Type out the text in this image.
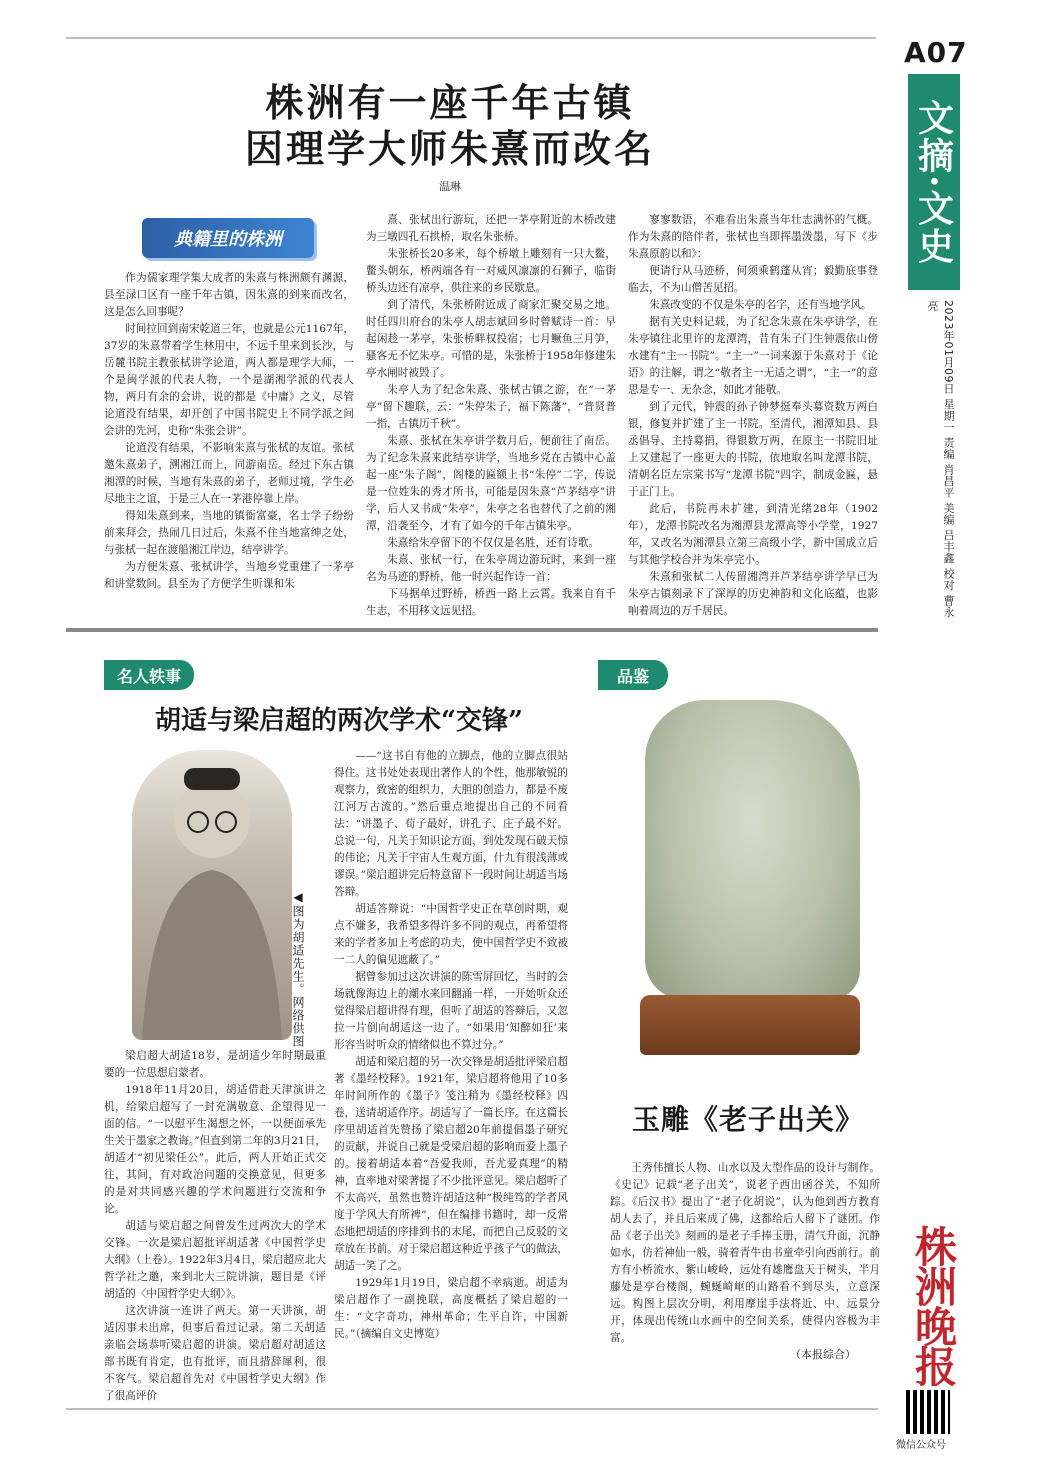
A07
文摘·文史
2023年01月09日 星期一 责编 肖昌平 美编 吕丰鑫 校对 曹永亮
株洲有一座千年古镇
因理学大师朱熹而改名
温琳
典籍里的株洲

作为儒家理学集大成者的朱熹与株洲颇有渊源，县至渌口区有一座千年古镇，因朱熹的到来而改名，这是怎么回事呢？

时间拉回到南宋乾道三年，也就是公元1167年，37岁的朱熹带着学生林用中，不远千里来到长沙，与岳麓书院主教张栻讲学论道，两人都是理学大师，一个是闽学派的代表人物，一个是湖湘学派的代表人物，两月有余的会讲，说的都是《中庸》之义，尽管论道没有结果，却开创了中国书院史上不同学派之间会讲的先河，史称“朱张会讲”。

论道没有结果，不影响朱熹与张栻的友谊。张栻邀朱熹弟子，溯湘江而上，同游南岳。经过下东古镇湘潭的时候，当地有朱熹的弟子，老师过境，学生必尽地主之谊，于是三人在一茅港停靠上岸。

得知朱熹到来，当地的镇衙富豪，名士学子纷纷前来拜会，热闹几日过后，朱熹不住当地富绅之处，与张栻一起在渡船湘江岸边，结亭讲学。

为方便朱熹、张栻讲学，当地乡党重建了一茅亭和讲堂数间。县至为了方便学生听课和朱

熹、张栻出行游玩，还把一茅亭附近的木桥改建为三墩四孔石拱桥，取名朱张桥。

朱张桥长20多米，每个桥墩上雕刻有一只大鳖，鳖头朝东，桥两端各有一对威风凛凛的石狮子，临街桥头边还有凉亭，供往来的乡民歇息。

到了清代，朱张桥附近成了商家汇聚交易之地。时任四川府台的朱亭人胡志斌回乡时曾赋诗一首：早起闲趁一茅亭，朱张桥畔权投宿；七月鳜鱼三月笋，骚客无不忆朱亭。可惜的是，朱张桥于1958年修建朱亭水闸时被毁了。

朱亭人为了纪念朱熹、张栻古镇之游，在“一茅亭”留下趣联，云：“朱停朱子，福下陈藩”，“普贤普一指，古镇历千秋”。

朱熹、张栻在朱亭讲学数月后，便前往了南岳。为了纪念朱熹来此结亭讲学，当地乡党在古镇中心盖起一座“朱子阁”，阁楼的匾额上书“朱停”二字，传说是一位姓朱的秀才所书，可能是因朱熹“芦茅结亭”讲学，后人又书成“朱亭”，朱亭之名也替代了之前的湘潭，沿袭至今，才有了如今的千年古镇朱亭。

朱熹给朱亭留下的不仅仅是名胜，还有诗歌。

朱熹、张栻一行，在朱亭周边游玩时，来到一座名为马迹的野桥，他一时兴起作诗一首：

下马据单过野桥，桥西一路上云霄。我来自有千生志，不用移文远见招。

寥寥数语，不难看出朱熹当年壮志满怀的气概。作为朱熹的陪伴者，张栻也当即挥墨泼墨，写下《步朱熹原韵以和》：

便请行从马迹桥，何须乘鹤蓬从宵；毅勤底事登临去，不为山僧苦见招。

朱熹改变的不仅是朱亭的名字，还有当地学风。

据有关史料记载，为了纪念朱熹在朱亭讲学，在朱亭镇往北里许的龙潭湾，昔有朱子门生钟震依山傍水建有“主一书院”。“主一”一词来源于朱熹对于《论语》的注解，谓之“敬者主一无适之谓”，“主一”的意思是专一、无杂念，如此才能敬。

到了元代，钟震的孙子钟梦挺奉头募资数万两白银，修复并扩建了主一书院。至清代，湘潭知县、县丞倡导、主持募捐，得银数万两，在原主一书院旧址上又建起了一座更大的书院，依地取名叫龙潭书院，清朝名臣左宗棠书写“龙潭书院”四字，制成金匾，悬于正门上。

此后，书院再未扩建，到清光绪28年（1902年），龙潭书院改名为湘潭县龙潭高等小学堂，1927年，又改名为湘潭县立第三高级小学，新中国成立后与其他学校合并为朱亭完小。

朱熹和张栻二人传留湘湾并芦茅结亭讲学早已为朱亭古镇刻录下了深厚的历史神韵和文化底蕴，也影响着周边的万千居民。

名人轶事
胡适与梁启超的两次学术“交锋”
◀图为胡适先生。网络供图

梁启超大胡适18岁，是胡适少年时期最重要的一位思想启蒙者。

1918年11月20日，胡适借赴天津演讲之机，给梁启超写了一封充满敬意、企望得见一面的信。“一以慰平生渴想之怀，一以便面承先生关于墨家之教诲。”但直到第二年的3月21日，胡适才“初见梁任公”。此后，两人开始正式交往，其间，有对政治问题的交换意见，但更多的是对共同感兴趣的学术问题进行交流和争论。

胡适与梁启超之间曾发生过两次大的学术交锋。一次是梁启超批评胡适著《中国哲学史大纲》（上卷）。1922年3月4日，梁启超应北大哲学社之邀，来到北大三院讲演，题目是《评胡适的〈中国哲学史大纲〉》。

这次讲演一连讲了两天。第一天讲演，胡适因事未出席，但事后看过记录。第二天胡适亲临会场恭听梁启超的讲演。梁启超对胡适这部书既有肯定，也有批评，而且措辞犀利，很不客气。梁启超首先对《中国哲学史大纲》作了很高评价

——“这书自有他的立脚点，他的立脚点很站得住。这书处处表现出著作人的个性，他那敏锐的观察力，致密的组织力，大胆的创造力，都是不废江河万古流的。”然后重点地提出自己的不同看法：“讲墨子、荀子最好，讲孔子、庄子最不好。总说一句，凡关于知识论方面，到处发现石破天惊的伟论；凡关于宇宙人生观方面，什九有很浅薄或谬误。”梁启超讲完后特意留下一段时间让胡适当场答辩。

胡适答辩说：“中国哲学史正在草创时期，观点不嫌多，我希望多得许多不同的观点，再希望将来的学者多加上考虑的功夫，使中国哲学史不致被一二人的偏见遮蔽了。”

据曾参加过这次讲演的陈雪屏回忆，当时的会场就像海边上的潮水来回翻涌一样，一开始听众还觉得梁启超讲得有理，但听了胡适的答辩后，又忽拉一片倒向胡适这一边了。“如果用‘知醉如狂’来形容当时听众的情绪似也不算过分。”

胡适和梁启超的另一次交锋是胡适批评梁启超著《墨经校释》。1921年，梁启超将他用了10多年时间所作的《墨子》笺注稍为《墨经校释》四卷，送请胡适作序。胡适写了一篇长序。在这篇长序里胡适首先赞扬了梁启超20年前提倡墨子研究的贡献，并说自己就是受梁启超的影响而爱上墨子的。接着胡适本着“吾爱我师，吾尤爱真理”的精神，直率地对梁著提了不少批评意见。梁启超听了不太高兴，虽然也赞许胡适这种“极纯笃的学者风度于学风大有所裨”，但在编排书籍时，却一反常态地把胡适的序排到书的末尾，而把自己反驳的文章放在书前。对于梁启超这种近乎孩子气的做法，胡适一笑了之。

1929年1月19日，梁启超不幸病逝。胡适为梁启超作了一副挽联，高度概括了梁启超的一生：“文字奇功，神州革命；生平自许，中国新民。”（摘编自文史博览）

品鉴
玉雕《老子出关》

王秀伟擅长人物、山水以及大型作品的设计与制作。《史记》记载“老子出关”，说老子西出函谷关，不知所踪。《后汉书》提出了“老子化胡说”，认为他到西方教育胡人去了，并且后来成了佛，这都给后人留下了谜团。作品《老子出关》刻画的是老子手捧玉册，清气升面，沉静如水，仿若神仙一般，骑着青牛由书童牵引向西前行。前方有小桥流水、紫山峻岭，远处有雄鹰盘天于树头，半月藤处是亭台楼阁，蜿蜒崎岖的山路看不到尽头，立意深远。构图上层次分明，利用摩崖手法将近、中、远景分开，体现出传统山水画中的空间关系，使得内容极为丰富。

（本报综合） 株洲晚报
微信公众号
